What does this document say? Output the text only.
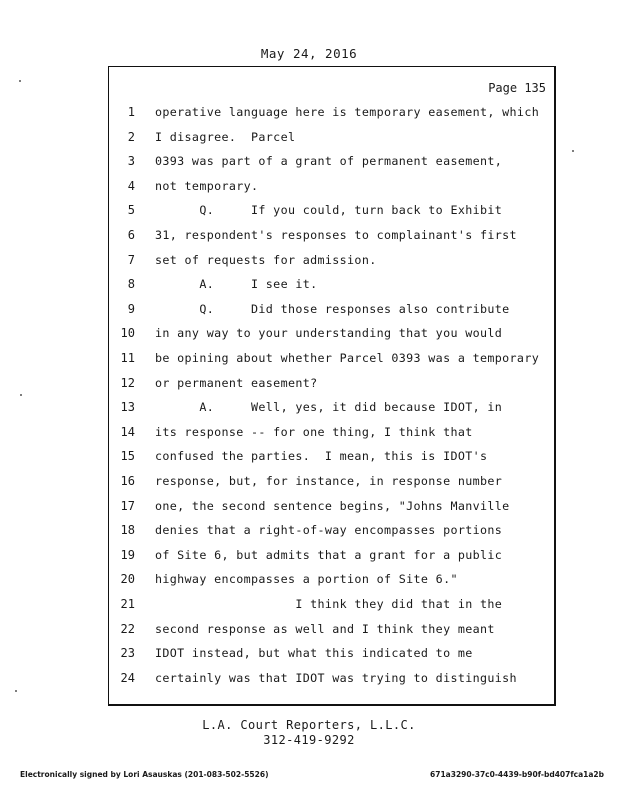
May 24, 2016
Page 135
1 operative language here is temporary easement, which
2 I disagree.  Parcel
3 0393 was part of a grant of permanent easement,
4 not temporary.
5 Q.     If you could, turn back to Exhibit
6 31, respondent's responses to complainant's first
7 set of requests for admission.
8 A.     I see it.
9 Q.     Did those responses also contribute
10 in any way to your understanding that you would
11 be opining about whether Parcel 0393 was a temporary
12 or permanent easement?
13 A.     Well, yes, it did because IDOT, in
14 its response -- for one thing, I think that
15 confused the parties.  I mean, this is IDOT's
16 response, but, for instance, in response number
17 one, the second sentence begins, "Johns Manville
18 denies that a right-of-way encompasses portions
19 of Site 6, but admits that a grant for a public
20 highway encompasses a portion of Site 6."
21 I think they did that in the
22 second response as well and I think they meant
23 IDOT instead, but what this indicated to me
24 certainly was that IDOT was trying to distinguish
L.A. Court Reporters, L.L.C.
312-419-9292
Electronically signed by Lori Asauskas (201-083-502-5526)	671a3290-37c0-4439-b90f-bd407fca1a2b
